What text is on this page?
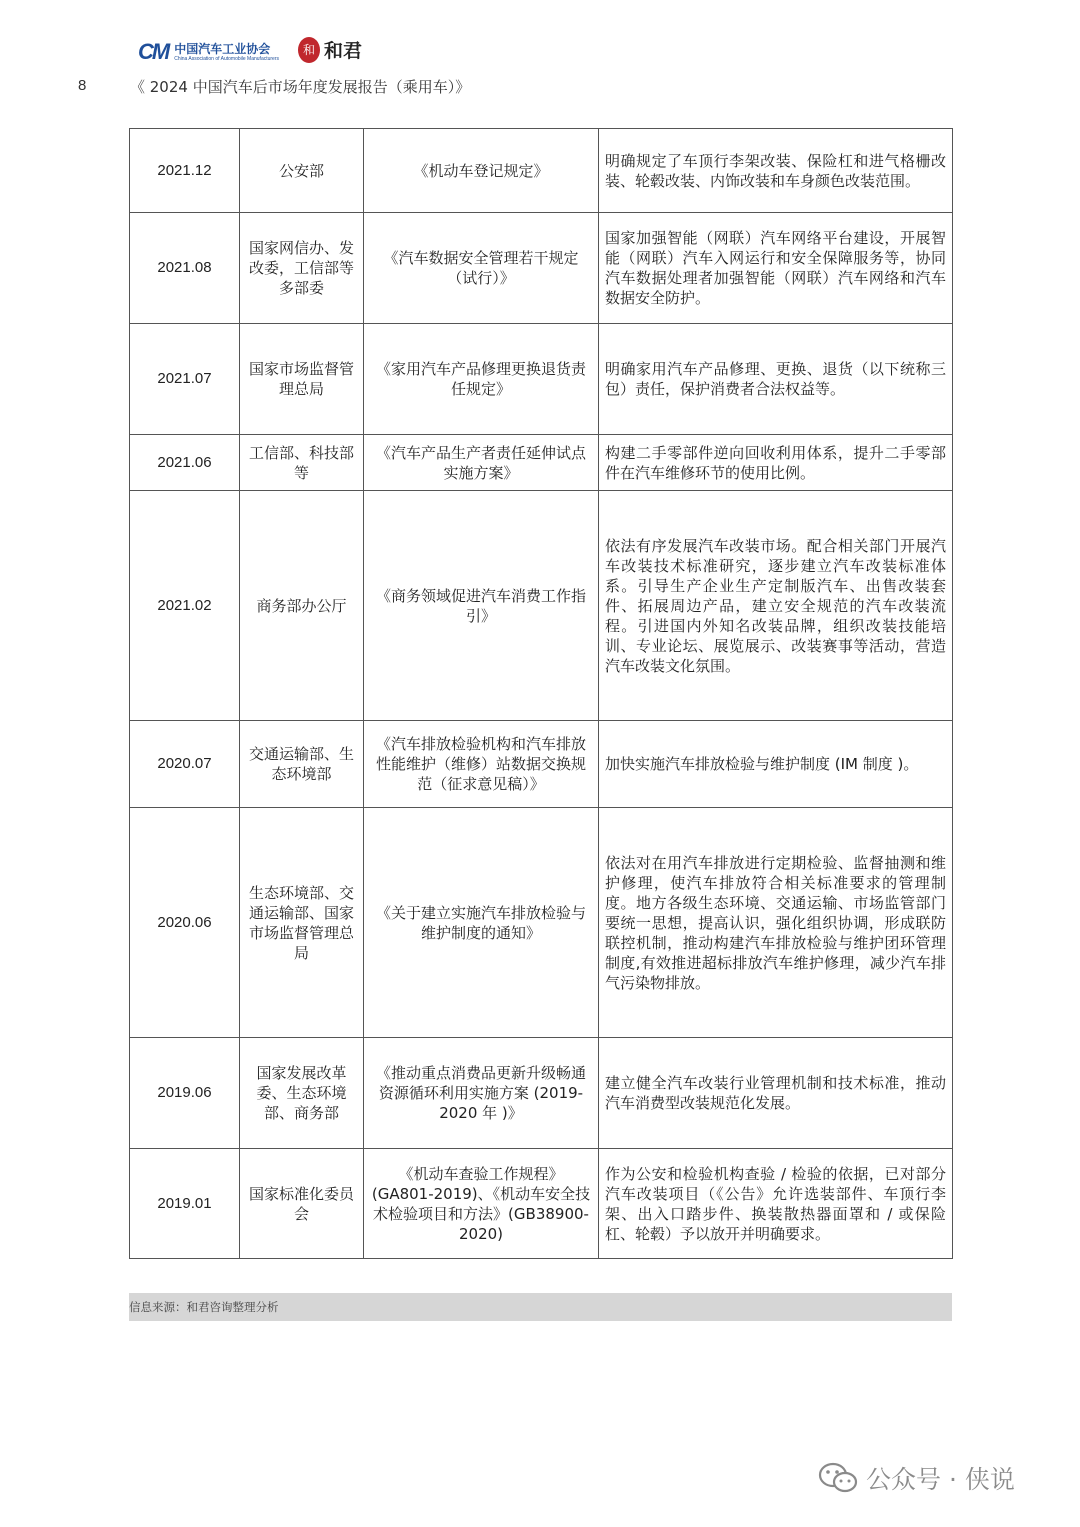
CM 中国汽车工业协会
China Association of Automobile Manufacturers
和 和君
8	《 2024 中国汽车后市场年度发展报告（乘用车）》
2021.12	公安部	《机动车登记规定》	明确规定了车顶行李架改装、保险杠和进气格栅改装、轮毂改装、内饰改装和车身颜色改装范围。
2021.08	国家网信办、发改委，工信部等多部委	《汽车数据安全管理若干规定（试行）》	国家加强智能（网联）汽车网络平台建设，开展智能（网联）汽车入网运行和安全保障服务等，协同汽车数据处理者加强智能（网联）汽车网络和汽车数据安全防护。
2021.07	国家市场监督管理总局	《家用汽车产品修理更换退货责任规定》	明确家用汽车产品修理、更换、退货（以下统称三包）责任，保护消费者合法权益等。
2021.06	工信部、科技部等	《汽车产品生产者责任延伸试点实施方案》	构建二手零部件逆向回收利用体系，提升二手零部件在汽车维修环节的使用比例。
2021.02	商务部办公厅	《商务领域促进汽车消费工作指引》	依法有序发展汽车改装市场。配合相关部门开展汽车改装技术标准研究，逐步建立汽车改装标准体系。引导生产企业生产定制版汽车、出售改装套件、拓展周边产品，建立安全规范的汽车改装流程。引进国内外知名改装品牌，组织改装技能培训、专业论坛、展览展示、改装赛事等活动，营造汽车改装文化氛围。
2020.07	交通运输部、生态环境部	《汽车排放检验机构和汽车排放性能维护（维修）站数据交换规范（征求意见稿）》	加快实施汽车排放检验与维护制度 (IM 制度 )。
2020.06	生态环境部、交通运输部、国家市场监督管理总局	《关于建立实施汽车排放检验与维护制度的通知》	依法对在用汽车排放进行定期检验、监督抽测和维护修理，使汽车排放符合相关标准要求的管理制度。地方各级生态环境、交通运输、市场监管部门要统一思想，提高认识，强化组织协调，形成联防联控机制，推动构建汽车排放检验与维护团环管理制度,有效推进超标排放汽车维护修理，减少汽车排气污染物排放。
2019.06	国家发展改革委、生态环境部、商务部	《推动重点消费品更新升级畅通资源循环利用实施方案 (2019-2020 年 )》	建立健全汽车改装行业管理机制和技术标准，推动汽车消费型改装规范化发展。
2019.01	国家标准化委员会	《机动车查验工作规程》(GA801-2019)、《机动车安全技术检验项目和方法》(GB38900-2020)	作为公安和检验机构查验 / 检验的依据，已对部分汽车改装项目（《公告》允许选装部件、车顶行李架、出入口踏步件、换装散热器面罩和 / 或保险杠、轮毂）予以放开并明确要求。
信息来源：和君咨询整理分析
公众号 · 侠说
